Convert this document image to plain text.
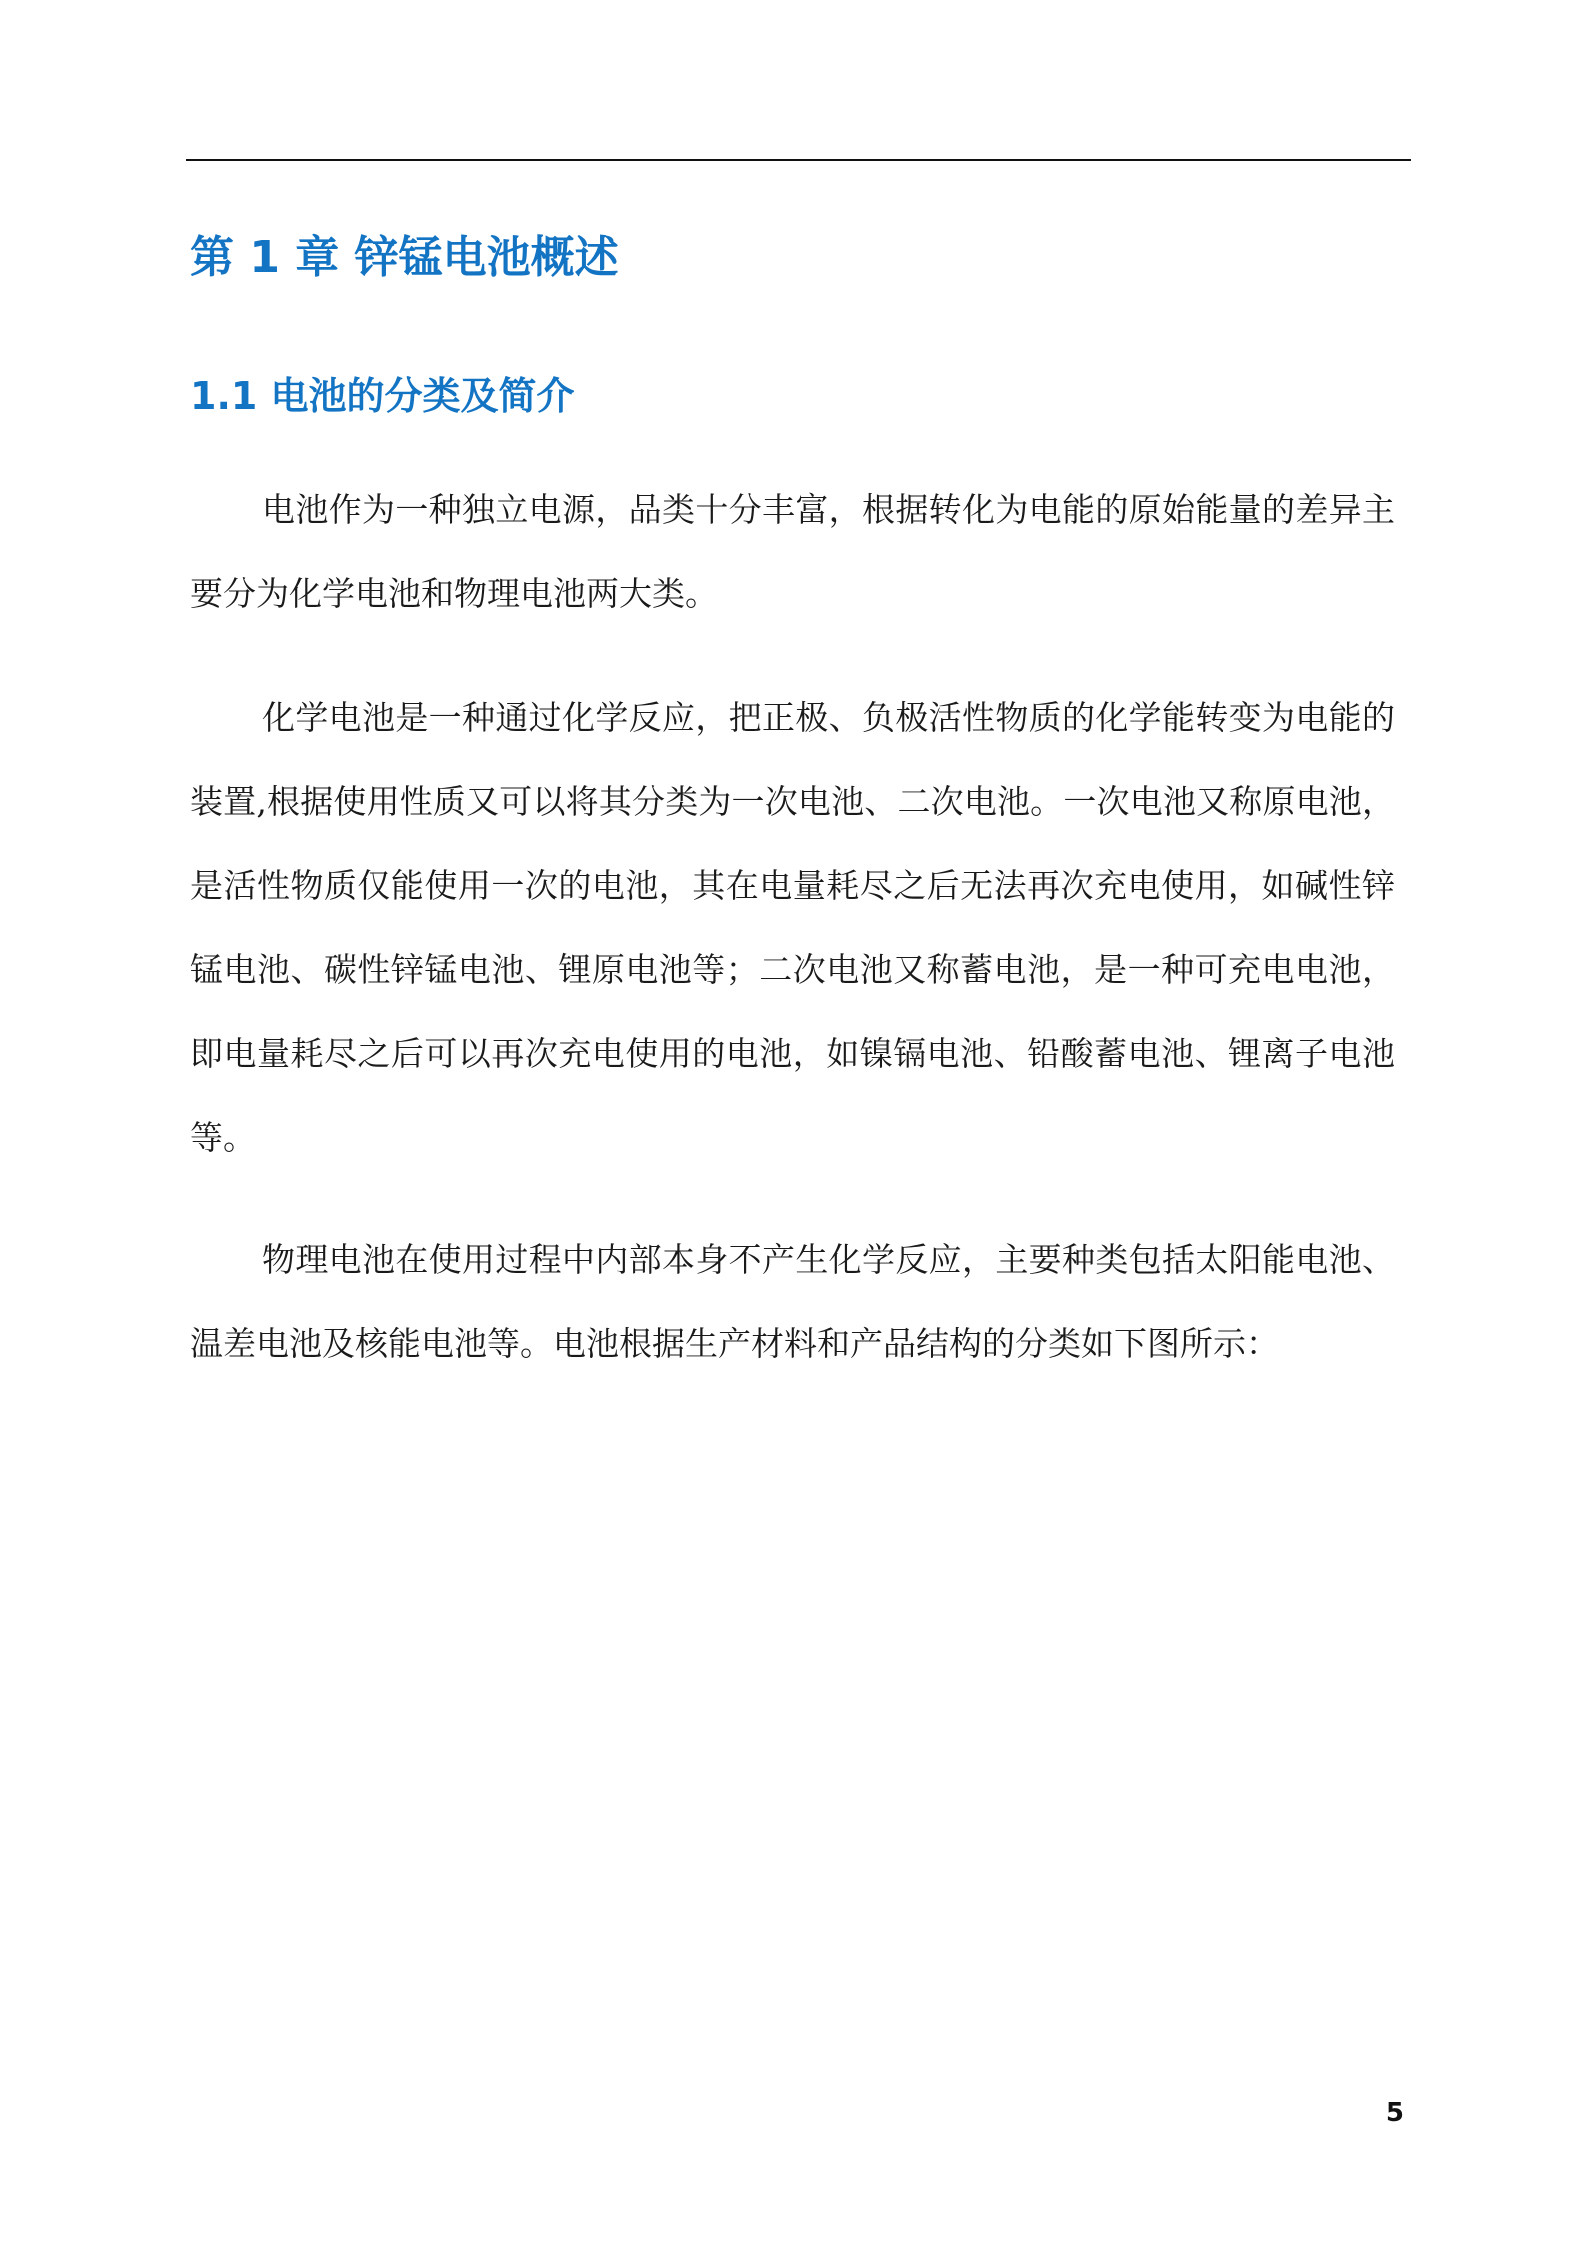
第 1 章 锌锰电池概述
1.1 电池的分类及简介

电池作为一种独立电源，品类十分丰富，根据转化为电能的原始能量的差异主要分为化学电池和物理电池两大类。

化学电池是一种通过化学反应，把正极、负极活性物质的化学能转变为电能的装置,根据使用性质又可以将其分类为一次电池、二次电池。一次电池又称原电池，是活性物质仅能使用一次的电池，其在电量耗尽之后无法再次充电使用，如碱性锌锰电池、碳性锌锰电池、锂原电池等；二次电池又称蓄电池，是一种可充电电池，即电量耗尽之后可以再次充电使用的电池，如镍镉电池、铅酸蓄电池、锂离子电池等。

物理电池在使用过程中内部本身不产生化学反应，主要种类包括太阳能电池、温差电池及核能电池等。电池根据生产材料和产品结构的分类如下图所示：

5
